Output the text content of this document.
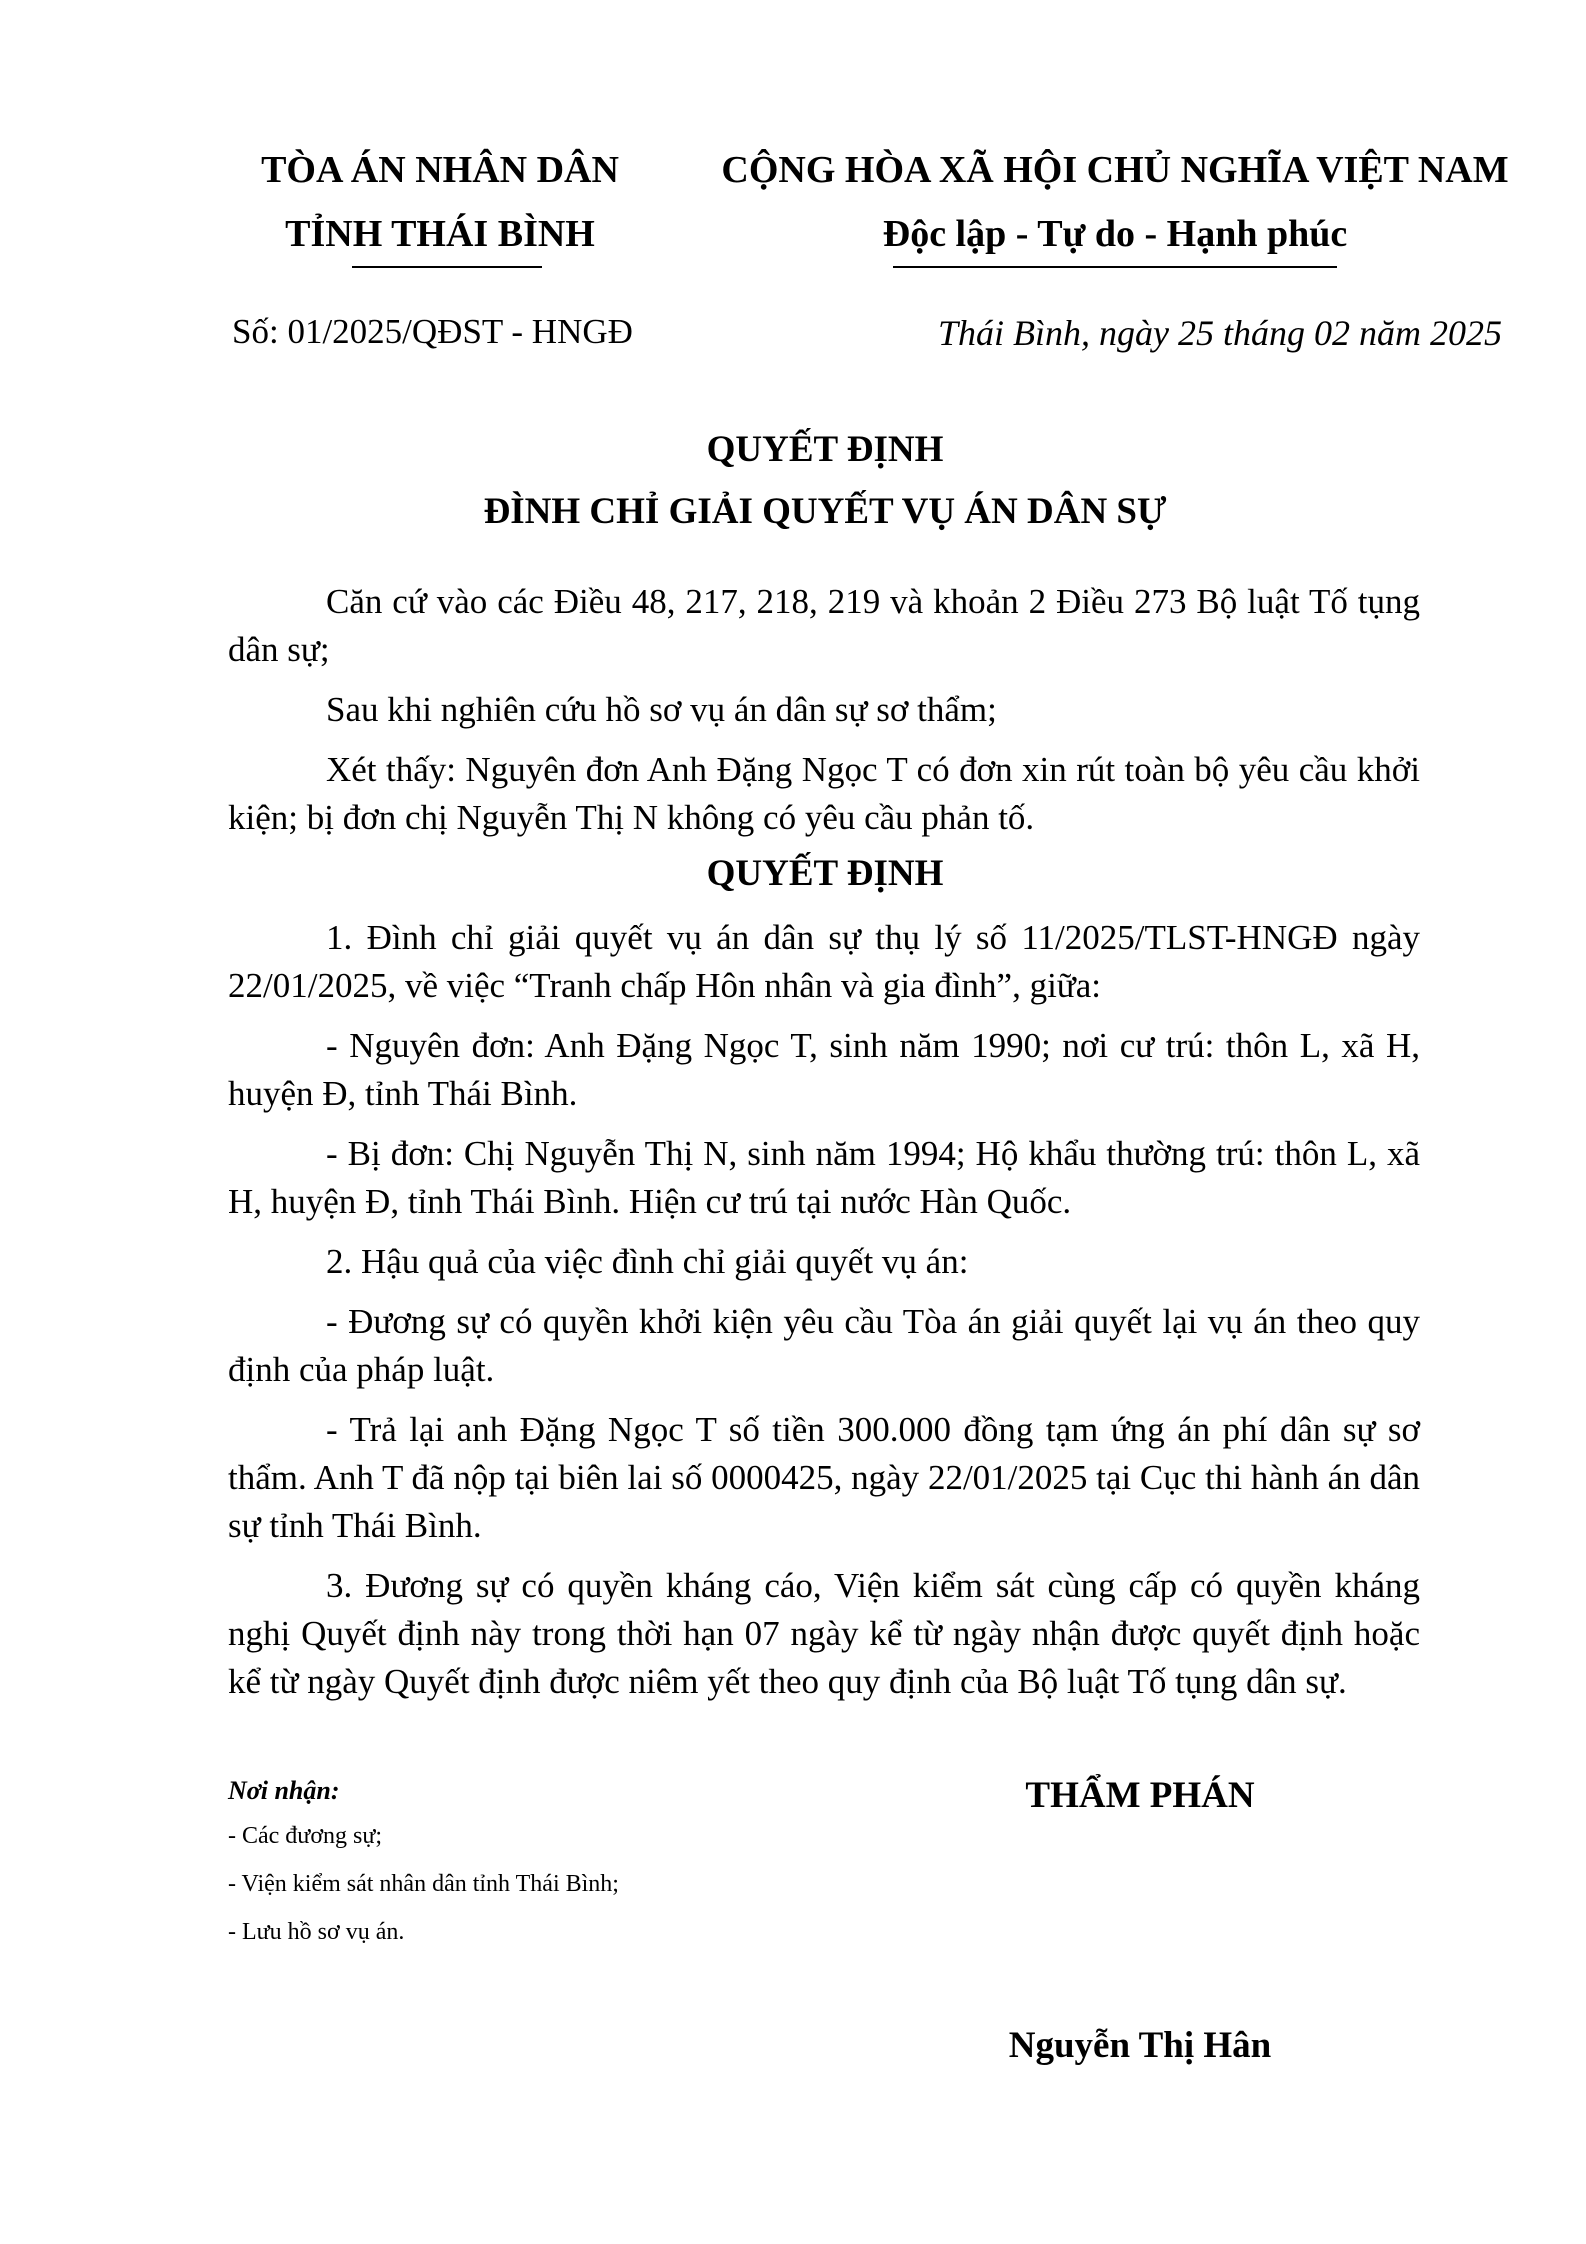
TÒA ÁN NHÂN DÂN
TỈNH THÁI BÌNH
CỘNG HÒA XÃ HỘI CHỦ NGHĨA VIỆT NAM
Độc lập - Tự do - Hạnh phúc
Số: 01/2025/QĐST - HNGĐ	Thái Bình, ngày 25 tháng 02 năm 2025
QUYẾT ĐỊNH
ĐÌNH CHỈ GIẢI QUYẾT VỤ ÁN DÂN SỰ

Căn cứ vào các Điều 48, 217, 218, 219 và khoản 2 Điều 273 Bộ luật Tố tụng dân sự;

Sau khi nghiên cứu hồ sơ vụ án dân sự sơ thẩm;

Xét thấy: Nguyên đơn Anh Đặng Ngọc T có đơn xin rút toàn bộ yêu cầu khởi kiện; bị đơn chị Nguyễn Thị N không có yêu cầu phản tố.

QUYẾT ĐỊNH

1. Đình chỉ giải quyết vụ án dân sự thụ lý số 11/2025/TLST-HNGĐ ngày 22/01/2025, về việc “Tranh chấp Hôn nhân và gia đình”, giữa:

- Nguyên đơn: Anh Đặng Ngọc T, sinh năm 1990; nơi cư trú: thôn L, xã H, huyện Đ, tỉnh Thái Bình.

- Bị đơn: Chị Nguyễn Thị N, sinh năm 1994; Hộ khẩu thường trú: thôn L, xã H, huyện Đ, tỉnh Thái Bình. Hiện cư trú tại nước Hàn Quốc.

2. Hậu quả của việc đình chỉ giải quyết vụ án:

- Đương sự có quyền khởi kiện yêu cầu Tòa án giải quyết lại vụ án theo quy định của pháp luật.

- Trả lại anh Đặng Ngọc T số tiền 300.000 đồng tạm ứng án phí dân sự sơ thẩm. Anh T đã nộp tại biên lai số 0000425, ngày 22/01/2025 tại Cục thi hành án dân sự tỉnh Thái Bình.

3. Đương sự có quyền kháng cáo, Viện kiểm sát cùng cấp có quyền kháng nghị Quyết định này trong thời hạn 07 ngày kể từ ngày nhận được quyết định hoặc kể từ ngày Quyết định được niêm yết theo quy định của Bộ luật Tố tụng dân sự.

Nơi nhận:
- Các đương sự;
- Viện kiểm sát nhân dân tỉnh Thái Bình;
- Lưu hồ sơ vụ án.
THẨM PHÁN
Nguyễn Thị Hân
